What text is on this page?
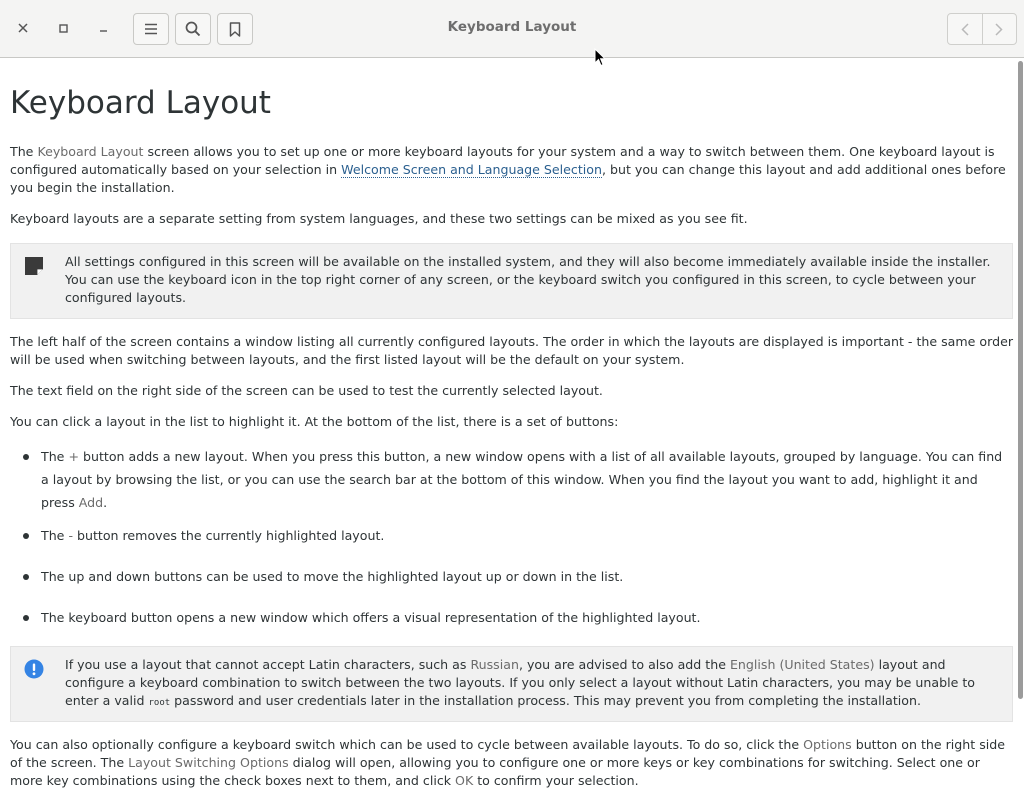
Keyboard Layout
Keyboard Layout

The Keyboard Layout screen allows you to set up one or more keyboard layouts for your system and a way to switch between them. One keyboard layout is configured automatically based on your selection in Welcome Screen and Language Selection, but you can change this layout and add additional ones before you begin the installation.

Keyboard layouts are a separate setting from system languages, and these two settings can be mixed as you see fit.

All settings configured in this screen will be available on the installed system, and they will also become immediately available inside the installer. You can use the keyboard icon in the top right corner of any screen, or the keyboard switch you configured in this screen, to cycle between your configured layouts.

The left half of the screen contains a window listing all currently configured layouts. The order in which the layouts are displayed is important - the same order will be used when switching between layouts, and the first listed layout will be the default on your system.

The text field on the right side of the screen can be used to test the currently selected layout.

You can click a layout in the list to highlight it. At the bottom of the list, there is a set of buttons:

The + button adds a new layout. When you press this button, a new window opens with a list of all available layouts, grouped by language. You can find a layout by browsing the list, or you can use the search bar at the bottom of this window. When you find the layout you want to add, highlight it and press Add.
The - button removes the currently highlighted layout.
The up and down buttons can be used to move the highlighted layout up or down in the list.
The keyboard button opens a new window which offers a visual representation of the highlighted layout.
If you use a layout that cannot accept Latin characters, such as Russian, you are advised to also add the English (United States) layout and configure a keyboard combination to switch between the two layouts. If you only select a layout without Latin characters, you may be unable to enter a valid root password and user credentials later in the installation process. This may prevent you from completing the installation.

You can also optionally configure a keyboard switch which can be used to cycle between available layouts. To do so, click the Options button on the right side of the screen. The Layout Switching Options dialog will open, allowing you to configure one or more keys or key combinations for switching. Select one or more key combinations using the check boxes next to them, and click OK to confirm your selection.
